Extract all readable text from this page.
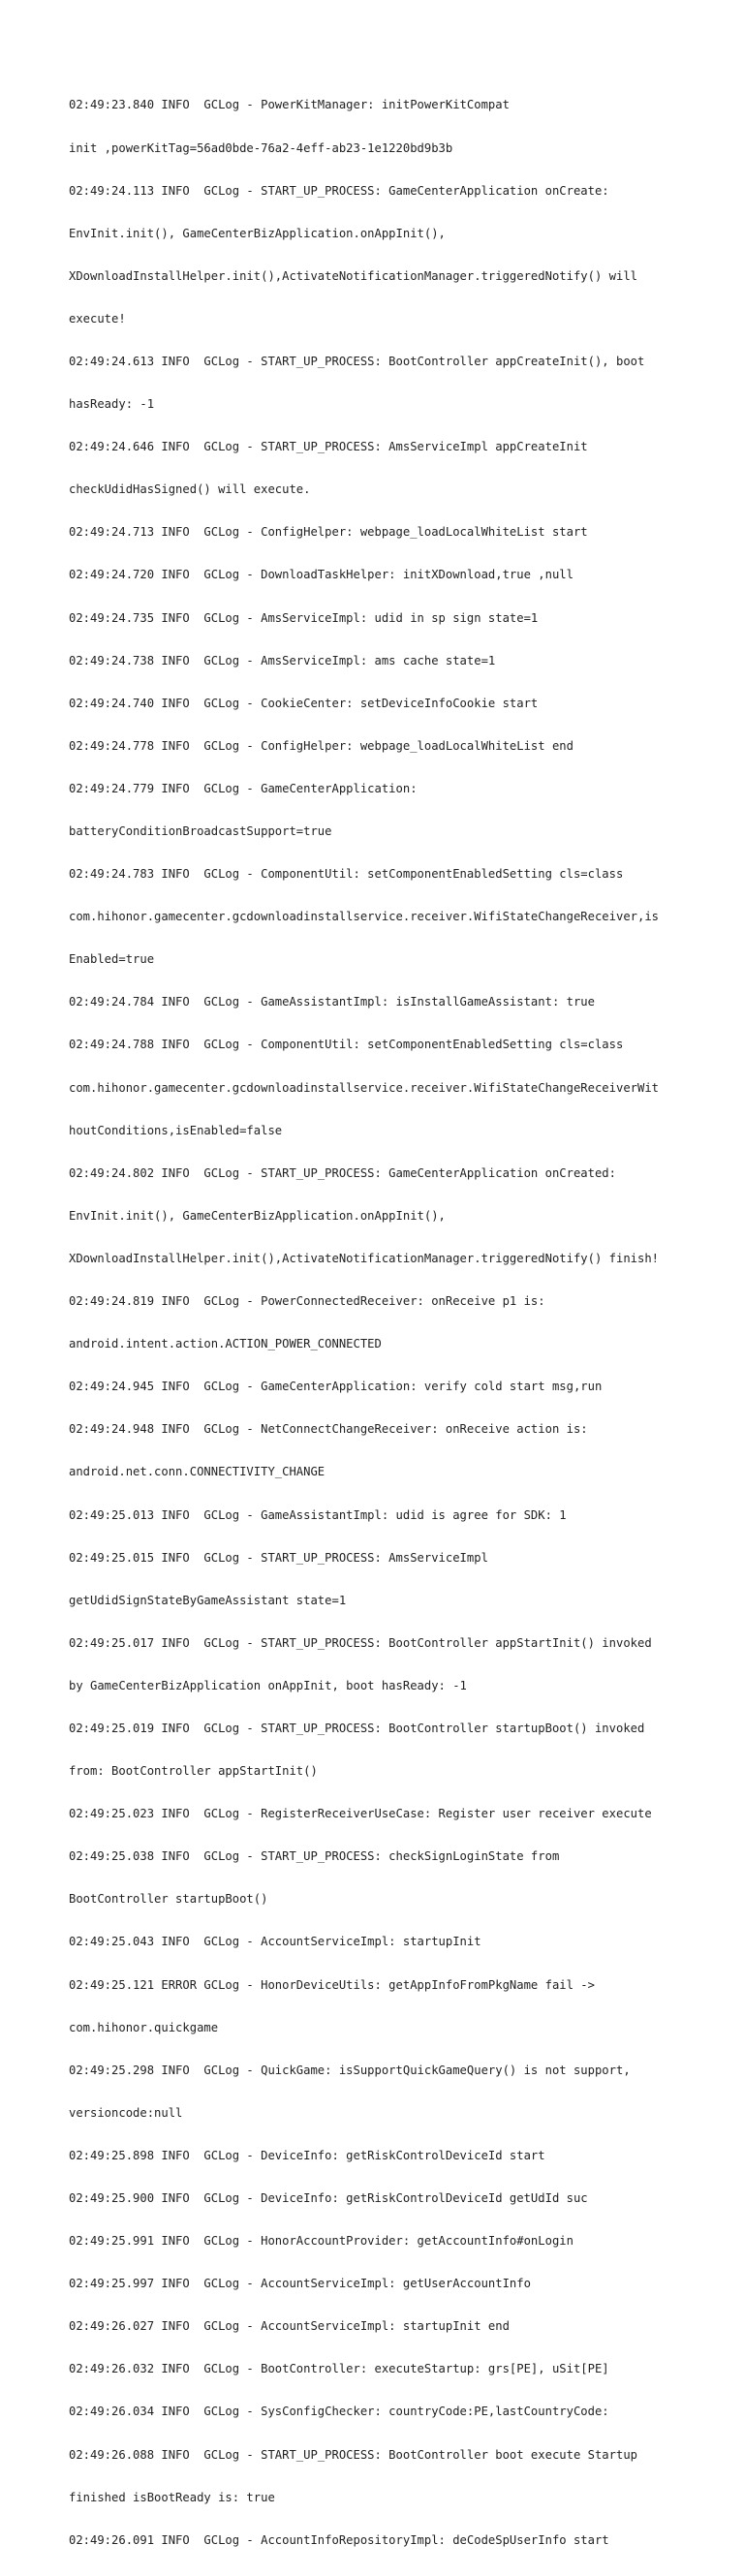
02:49:23.840 INFO  GCLog - PowerKitManager: initPowerKitCompat

init ,powerKitTag=56ad0bde-76a2-4eff-ab23-1e1220bd9b3b

02:49:24.113 INFO  GCLog - START_UP_PROCESS: GameCenterApplication onCreate:

EnvInit.init(), GameCenterBizApplication.onAppInit(),

XDownloadInstallHelper.init(),ActivateNotificationManager.triggeredNotify() will

execute!

02:49:24.613 INFO  GCLog - START_UP_PROCESS: BootController appCreateInit(), boot

hasReady: -1

02:49:24.646 INFO  GCLog - START_UP_PROCESS: AmsServiceImpl appCreateInit

checkUdidHasSigned() will execute.

02:49:24.713 INFO  GCLog - ConfigHelper: webpage_loadLocalWhiteList start

02:49:24.720 INFO  GCLog - DownloadTaskHelper: initXDownload,true ,null

02:49:24.735 INFO  GCLog - AmsServiceImpl: udid in sp sign state=1

02:49:24.738 INFO  GCLog - AmsServiceImpl: ams cache state=1

02:49:24.740 INFO  GCLog - CookieCenter: setDeviceInfoCookie start

02:49:24.778 INFO  GCLog - ConfigHelper: webpage_loadLocalWhiteList end

02:49:24.779 INFO  GCLog - GameCenterApplication:

batteryConditionBroadcastSupport=true

02:49:24.783 INFO  GCLog - ComponentUtil: setComponentEnabledSetting cls=class

com.hihonor.gamecenter.gcdownloadinstallservice.receiver.WifiStateChangeReceiver,is

Enabled=true

02:49:24.784 INFO  GCLog - GameAssistantImpl: isInstallGameAssistant: true

02:49:24.788 INFO  GCLog - ComponentUtil: setComponentEnabledSetting cls=class

com.hihonor.gamecenter.gcdownloadinstallservice.receiver.WifiStateChangeReceiverWit

houtConditions,isEnabled=false

02:49:24.802 INFO  GCLog - START_UP_PROCESS: GameCenterApplication onCreated:

EnvInit.init(), GameCenterBizApplication.onAppInit(),

XDownloadInstallHelper.init(),ActivateNotificationManager.triggeredNotify() finish!

02:49:24.819 INFO  GCLog - PowerConnectedReceiver: onReceive p1 is:

android.intent.action.ACTION_POWER_CONNECTED

02:49:24.945 INFO  GCLog - GameCenterApplication: verify cold start msg,run

02:49:24.948 INFO  GCLog - NetConnectChangeReceiver: onReceive action is:

android.net.conn.CONNECTIVITY_CHANGE

02:49:25.013 INFO  GCLog - GameAssistantImpl: udid is agree for SDK: 1

02:49:25.015 INFO  GCLog - START_UP_PROCESS: AmsServiceImpl

getUdidSignStateByGameAssistant state=1

02:49:25.017 INFO  GCLog - START_UP_PROCESS: BootController appStartInit() invoked

by GameCenterBizApplication onAppInit, boot hasReady: -1

02:49:25.019 INFO  GCLog - START_UP_PROCESS: BootController startupBoot() invoked

from: BootController appStartInit()

02:49:25.023 INFO  GCLog - RegisterReceiverUseCase: Register user receiver execute

02:49:25.038 INFO  GCLog - START_UP_PROCESS: checkSignLoginState from

BootController startupBoot()

02:49:25.043 INFO  GCLog - AccountServiceImpl: startupInit

02:49:25.121 ERROR GCLog - HonorDeviceUtils: getAppInfoFromPkgName fail ->

com.hihonor.quickgame

02:49:25.298 INFO  GCLog - QuickGame: isSupportQuickGameQuery() is not support,

versioncode:null

02:49:25.898 INFO  GCLog - DeviceInfo: getRiskControlDeviceId start

02:49:25.900 INFO  GCLog - DeviceInfo: getRiskControlDeviceId getUdId suc

02:49:25.991 INFO  GCLog - HonorAccountProvider: getAccountInfo#onLogin

02:49:25.997 INFO  GCLog - AccountServiceImpl: getUserAccountInfo

02:49:26.027 INFO  GCLog - AccountServiceImpl: startupInit end

02:49:26.032 INFO  GCLog - BootController: executeStartup: grs[PE], uSit[PE]

02:49:26.034 INFO  GCLog - SysConfigChecker: countryCode:PE,lastCountryCode:

02:49:26.088 INFO  GCLog - START_UP_PROCESS: BootController boot execute Startup

finished isBootReady is: true

02:49:26.091 INFO  GCLog - AccountInfoRepositoryImpl: deCodeSpUserInfo start
